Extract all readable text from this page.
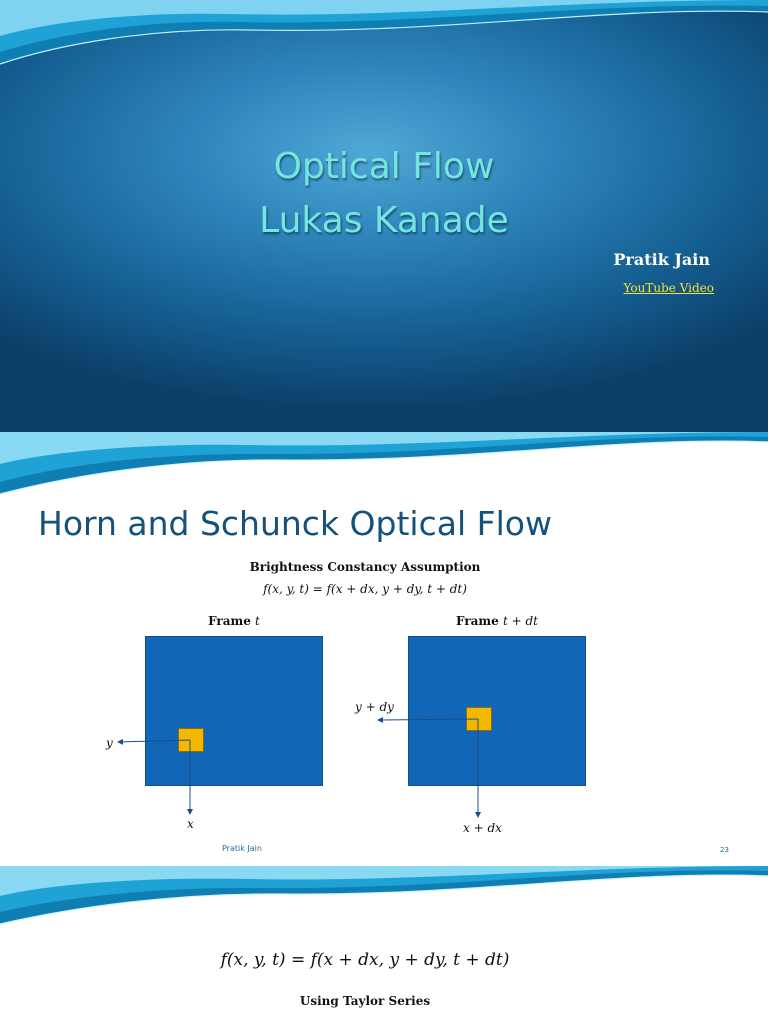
Optical Flow
Lukas Kanade
Pratik Jain
YouTube Video
Horn and Schunck Optical Flow
Brightness Constancy Assumption
f(x, y, t) = f(x + dx, y + dy, t + dt)
Frame t	Frame t + dt
y
x
y + dy
x + dx
Pratik Jain	23
f(x, y, t) = f(x + dx, y + dy, t + dt)
Using Taylor Series
